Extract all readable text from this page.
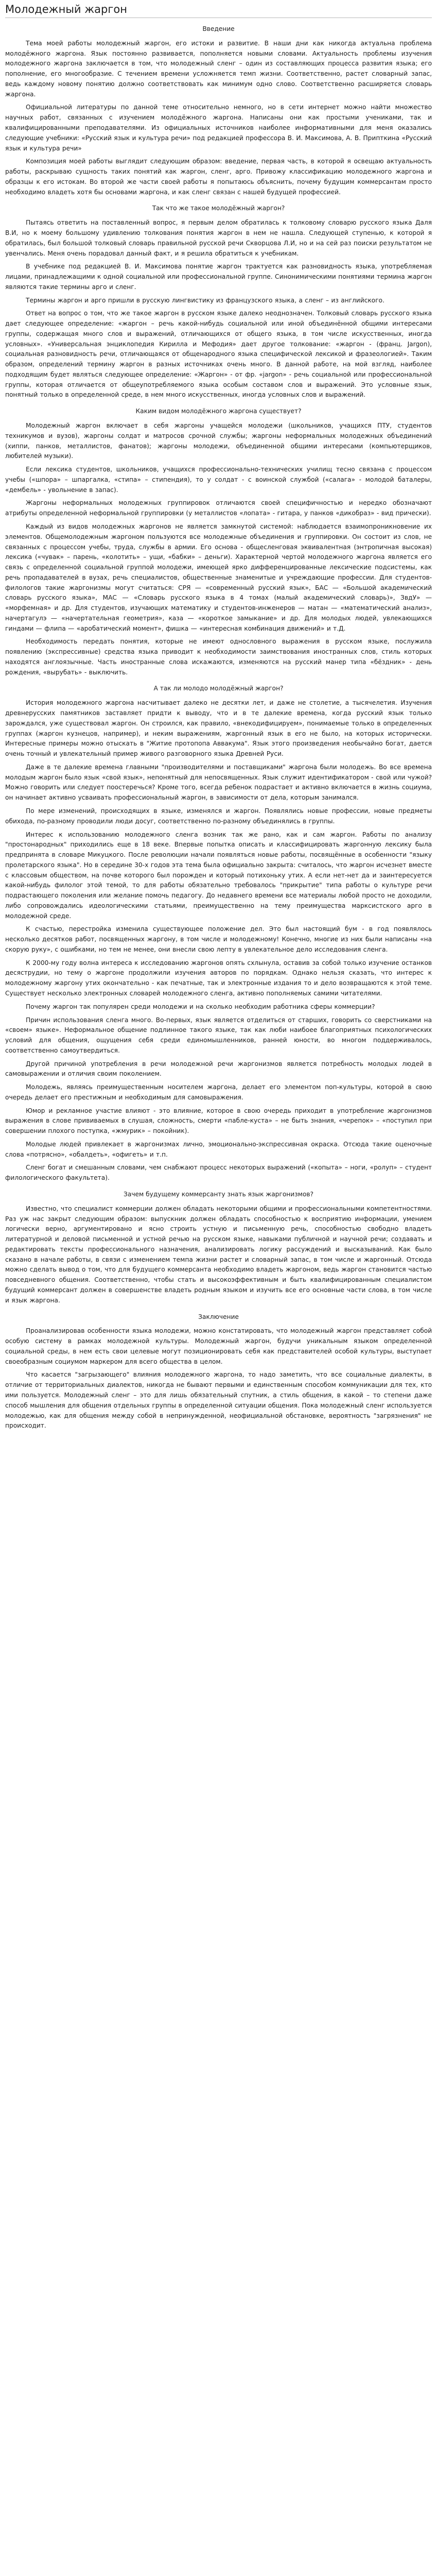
Молодежный жаргон
Введение

Тема моей работы молодежный жаргон, его истоки и развитие. В наши дни как никогда актуальна проблема молодёжного жаргона. Язык постоянно развивается, пополняется новыми словами. Актуальность проблемы изучения молодежного жаргона заключается в том, что молодежный сленг – один из составляющих процесса развития языка; его пополнение, его многообразие. С течением времени усложняется темп жизни. Соответственно, растет словарный запас, ведь каждому новому понятию должно соответствовать как минимум одно слово. Соответственно расширяется словарь жаргона.

Официальной литературы по данной теме относительно немного, но в сети интернет можно найти множество научных работ, связанных с изучением молодёжного жаргона. Написаны они как простыми учениками, так и квалифицированными преподавателями. Из официальных источников наиболее информативными для меня оказались следующие учебники: «Русский язык и культура речи» под редакцией профессора В. И. Максимова, А. В. Припткина «Русский язык и культура речи»

Композиция моей работы выглядит следующим образом: введение, первая часть, в которой я освещаю актуальность работы, раскрываю сущность таких понятий как жаргон, сленг, арго. Привожу классификацию молодежного жаргона и образцы к его истокам. Во второй же части своей работы я попытаюсь объяснить, почему будущим коммерсантам просто необходимо владеть хотя бы основами жаргона, и как сленг связан с нашей будущей профессией.

Так что же такое молодёжный жаргон?

Пытаясь ответить на поставленный вопрос, я первым делом обратилась к толковому словарю русского языка Даля В.И, но к моему большому удивлению толкования понятия жаргон в нем не нашла. Следующей ступенью, к которой я обратилась, был большой толковый словарь правильной русской речи Скворцова Л.И, но и на сей раз поиски результатом не увенчались. Меня очень порадовал данный факт, и я решила обратиться к учебникам.

В учебнике под редакцией В. И. Максимова понятие жаргон трактуется как разновидность языка, употребляемая лицами, принадлежащими к одной социальной или профессиональной группе. Синонимическими понятиями термина жаргон являются такие термины арго и сленг.

Термины жаргон и арго пришли в русскую лингвистику из французского языка, а сленг – из английского.

Ответ на вопрос о том, что же такое жаргон в русском языке далеко неоднозначен. Толковый словарь русского языка дает следующее определение: «жаргон – речь какой-нибудь социальной или иной объединённой общими интересами группы, содержащая много слов и выражений, отличающихся от общего языка, в том числе искусственных, иногда условных». «Универсальная энциклопедия Кирилла и Мефодия» дает другое толкование: «жаргон - (франц. Jargon), социальная разновидность речи, отличающаяся от общенародного языка специфической лексикой и фразеологией». Таким образом, определений термину жаргон в разных источниках очень много. В данной работе, на мой взгляд, наиболее подходящим будет являться следующее определение: «Жаргон» - от фр. «jargon» - речь социальной или профессиональной группы, которая отличается от общеупотребляемого языка особым составом слов и выражений. Это условные язык, понятный только в определенной среде, в нем много искусственных, иногда условных слов и выражений.

Каким видом молодёжного жаргона существует?

Молодежный жаргон включает в себя жаргоны учащейся молодежи (школьников, учащихся ПТУ, студентов техникумов и вузов), жаргоны солдат и матросов срочной службы; жаргоны неформальных молодежных объединений (хиппи, панков, металлистов, фанатов); жаргоны молодежи, объединенной общими интересами (компьютерщиков, любителей музыки).

Если лексика студентов, школьников, учащихся профессионально-технических училищ тесно связана с процессом учебы («шпора» – шпаргалка, «стипа» – стипендия), то у солдат - с воинской службой («салага» - молодой баталеры, «дембель» - увольнение в запас).

Жаргоны неформальных молодежных группировок отличаются своей специфичностью и нередко обозначают атрибуты определенной неформальной группировки (у металлистов «лопата» - гитара, у панков «дикобраз» - вид прически).

Каждый из видов молодежных жаргонов не является замкнутой системой: наблюдается взаимопроникновение их элементов. Общемолодежным жаргоном пользуются все молодежные объединения и группировки. Он состоит из слов, не связанных с процессом учебы, труда, службы в армии. Его основа - общесленговая эквивалентная (энтропичная высокая) лексика («чувак» – парень, «колотить» – ущи, «бабки» – деньги). Характерной чертой молодежного жаргона является его связь с определенной социальной группой молодежи, имеющей ярко дифференцированные лексические подсистемы, как речь пропадавателей в вузах, речь специалистов, общественные знаменитые и учреждающие профессии. Для студентов-филологов такие жаргонизмы могут считаться: СРЯ — «современный русский язык», БАС — «Большой академический словарь русского языка», МАС — «Словарь русского языка в 4 томах (малый академический словарь)», ЗвдУ» — «морфемная» и др. Для студентов, изучающих математику и студентов-инженеров — матан — «математический анализ», начертагулэ — «начертательная геометрия», каза — «короткое замыкание» и др. Для молодых людей, увлекающихся гиндами — флипа — «аробатический момент», фишка — «интересная комбинация движений» и т.Д.

Необходимость передать понятия, которые не имеют однословного выражения в русском языке, послужила появлению (экспрессивные) средства языка приводит к необходимости заимствования иностранных слов, стиль которых находятся англоязычные. Часть иностранные слова искажаются, изменяются на русский манер типа «бёздник» - день рождения, «вырубать» - выключить.

А так ли молодо молодёжный жаргон?

История молодежного жаргона насчитывает далеко не десятки лет, и даже не столетие, а тысячелетия. Изучения древнерусских памятников заставляет придти к выводу, что и в те далекие времена, когда русский язык только зарождался, уже существовал жаргон. Он строился, как правило, «внекодифицируем», понимаемые только в определенных группах (жаргон кузнецов, например), и неким выражениям, жаргонный язык в его не было, на которых исторически. Интересные примеры можно отыскать в "Житие протопопа Аввакума". Язык этого произведения необычайно богат, дается очень точный и увлекательный пример живого разговорного языка Древней Руси.

Даже в те далекие времена главными "производителями и поставщиками" жаргона были молодежь. Во все времена молодым жаргон было язык «свой язык», непонятный для непосвященных. Язык служит идентификатором - свой или чужой? Можно говорить или следует поостеречься? Кроме того, всегда ребенок подрастает и активно включается в жизнь социума, он начинает активно усваивать профессиональный жаргон, в зависимости от дела, которым занимался.

По мере изменений, происходящих в языке, изменялся и жаргон. Появлялись новые профессии, новые предметы обихода, по-разному проводили люди досуг, соответственно по-разному объединялись в группы.

Интерес к использованию молодежного сленга возник так же рано, как и сам жаргон. Работы по анализу "простонародных" приходились еще в 18 веке. Впервые попытка описать и классифицировать жаргонную лексику была предпринята в словаре Микуцкого. После революции начали появляться новые работы, посвящённые в особенности "языку пролетарского языка". Но в середине 30-х годов эта тема была официально закрыта: считалось, что жаргон исчезнет вместе с классовым обществом, на почве которого был порожден и который потихоньку утих. А если нет-нет да и заинтересуется какой-нибудь филолог этой темой, то для работы обязательно требовалось "прикрытие" типа работы о культуре речи подрастающего поколения или желание помочь педагогу. До недавнего времени все материалы любой просто не доходили, либо сопровождались идеологическими статьями, преимущественно на тему преимущества марксистского арго в молодежной среде.

К счастью, перестройка изменила существующее положение дел. Это был настоящий бум - в год появлялось несколько десятков работ, посвященных жаргону, в том числе и молодежному! Конечно, многие из них были написаны «на скорую руку», с ошибками, но тем не менее, они внесли свою лепту в увлекательное дело исследования сленга.

К 2000-му году волна интереса к исследованию жаргонов опять схлынула, оставив за собой только изучение останков десяструдии, но тему о жаргоне продолжили изучения авторов по порядкам. Однако нельзя сказать, что интерес к молодежному жаргону утих окончательно - как печатные, так и электронные издания то и дело возвращаются к этой теме. Существует несколько электронных словарей молодежного сленга, активно пополняемых самими читателями.

Почему жаргон так популярен среди молодежи и на сколько необходим работника сферы коммерции?

Причин использования сленга много. Во-первых, язык является отделиться от старших, говорить со сверстниками на «своем» языке». Неформальное общение подлинное такого языке, так как люби наибоее благоприятных психологических условий для общения, ощущения себя среди единомышленников, ранней юности, во многом поддерживалось, соответственно самоутвердиться.

Другой причиной употребления в речи молодежной речи жаргонизмов является потребность молодых людей в самовыражении и отличия своим поколением.

Молодежь, являясь преимущественным носителем жаргона, делает его элементом поп-культуры, которой в свою очередь делает его престижным и необходимым для самовыражения.

Юмор и рекламное участие влияют - это влияние, которое в свою очередь приходит в употребление жаргонизмов выражения в слове прививаемых в слушая, сложность, смерти «пабле-куста» – не быть знания, «черепок» – «поступил при совершении плохого поступка, «жмурик» – покойник).

Молодые людей привлекает в жаргонизмах лично, эмоционально-экспрессивная окраска. Отсюда такие оценочные слова «потрясно», «обалдеть», «офигеть» и т.п.

Сленг богат и смешанным словами, чем снабжают процесс некоторых выражений («копыта» – ноги, «ролуп» – студент филологического факультета).

Зачем будущему коммерсанту знать язык жаргонизмов?

Известно, что специалист коммерции должен обладать некоторыми общими и профессиональными компетентностями. Раз уж нас закрыт следующим образом: выпускник должен обладать способностью к восприятию информации, умением логически верно, аргументировано и ясно строить устную и письменную речь, способностью свободно владеть литературной и деловой письменной и устной речью на русском языке, навыками публичной и научной речи; создавать и редактировать тексты профессионального назначения, анализировать логику рассуждений и высказываний. Как было сказано в начале работы, в связи с изменением темпа жизни растет и словарный запас, в том числе и жаргонный. Отсюда можно сделать вывод о том, что для будущего коммерсанта необходимо владеть жаргоном, ведь жаргон становится частью повседневного общения. Соответственно, чтобы стать и высокоэффективным и быть квалифицированным специалистом будущий коммерсант должен в совершенстве владеть родным языком и изучить все его основные части слова, в том числе и язык жаргона.

Заключение

Проанализировав особенности языка молодежи, можно констатировать, что молодежный жаргон представляет собой особую систему в рамках молодежной культуры. Молодежный жаргон, будучи уникальным языком определенной социальной среды, в нем есть свои целевые могут позиционировать себя как представителей особой культуры, выступает своеобразным социумом маркером для всего общества в целом.

Что касается "загрызающего" влияния молодежного жаргона, то надо заметить, что все социальные диалекты, в отличие от территориальных диалектов, никогда не бывают первыми и единственным способом коммуникации для тех, кто ими пользуется. Молодежный сленг – это для лишь обязательный спутник, а стиль общения, в какой – то степени даже способ мышления для общения отдельных группы в определенной ситуации общения. Пока молодежный сленг используется молодежью, как для общения между собой в непринужденной, неофициальной обстановке, вероятность "загрязнения" не происходит.
